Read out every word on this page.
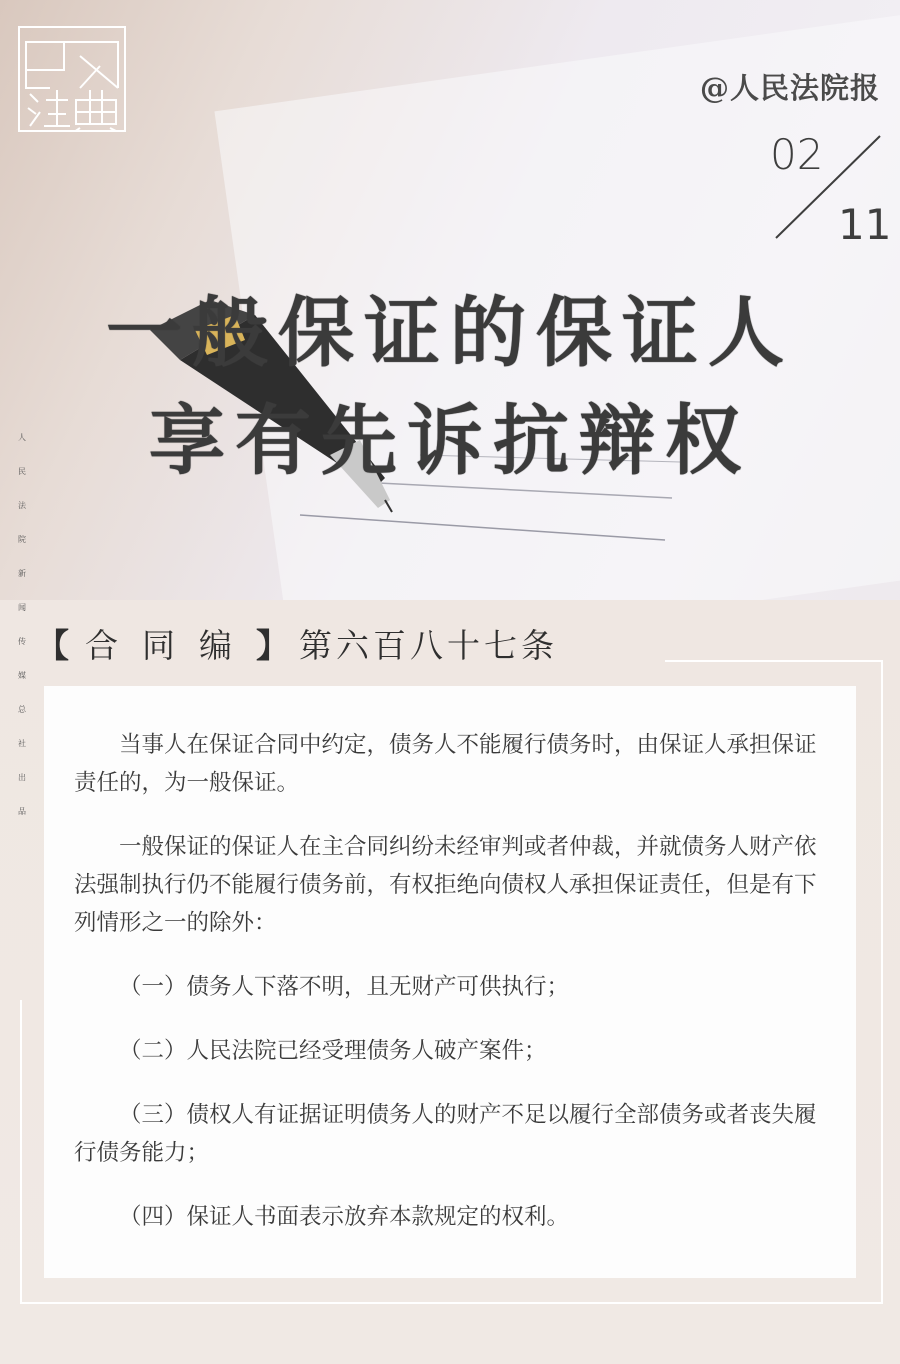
@人民法院报
02
11
一般保证的保证人
享有先诉抗辩权
人
民
法
院
新
闻
传
媒
总
社
出
品
【 合同编】 第六百八十七条

当事人在保证合同中约定，债务人不能履行债务时，由保证人承担保证责任的，为一般保证。

一般保证的保证人在主合同纠纷未经审判或者仲裁，并就债务人财产依法强制执行仍不能履行债务前，有权拒绝向债权人承担保证责任，但是有下列情形之一的除外：

（一）债务人下落不明，且无财产可供执行；

（二）人民法院已经受理债务人破产案件；

（三）债权人有证据证明债务人的财产不足以履行全部债务或者丧失履行债务能力；

（四）保证人书面表示放弃本款规定的权利。
